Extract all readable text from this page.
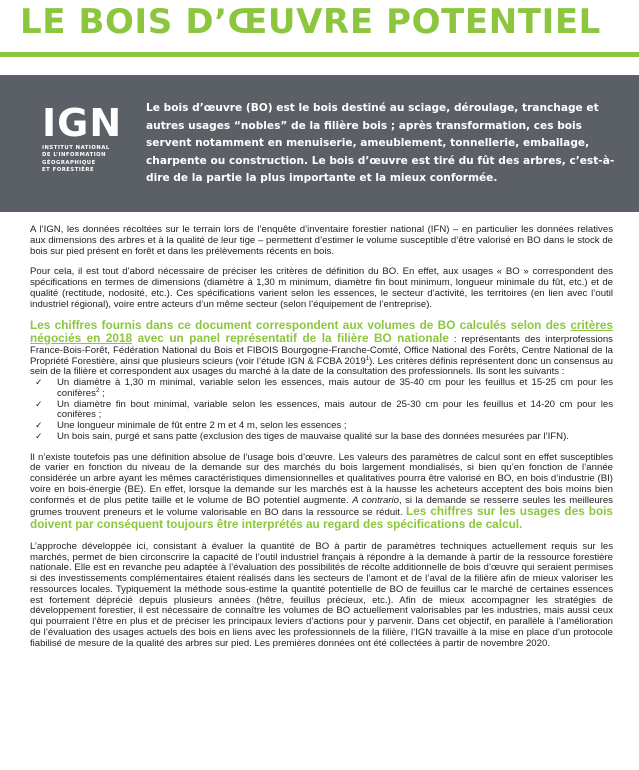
LE BOIS D’ŒUVRE POTENTIEL
IGN
INSTITUT NATIONAL
DE L’INFORMATION
GÉOGRAPHIQUE
ET FORESTIÈRE
Le bois d’œuvre (BO) est le bois destiné au sciage, déroulage, tranchage et autres usages “nobles” de la filière bois ; après transformation, ces bois servent notamment en menuiserie, ameublement, tonnellerie, emballage, charpente ou construction. Le bois d’œuvre est tiré du fût des arbres, c’est-à-dire de la partie la plus importante et la mieux conformée.

A l’IGN, les données récoltées sur le terrain lors de l’enquête d’inventaire forestier national (IFN) – en particulier les données relatives aux dimensions des arbres et à la qualité de leur tige – permettent d’estimer le volume susceptible d’être valorisé en BO dans le stock de bois sur pied présent en forêt et dans les prélèvements récents en bois.

Pour cela, il est tout d’abord nécessaire de préciser les critères de définition du BO. En effet, aux usages « BO » correspondent des spécifications en termes de dimensions (diamètre à 1,30 m minimum, diamètre fin bout minimum, longueur minimale du fût, etc.) et de qualité (rectitude, nodosité, etc.). Ces spécifications varient selon les essences, le secteur d’activité, les territoires (en lien avec l’outil industriel régional), voire entre acteurs d’un même secteur (selon l’équipement de l’entreprise).

Les chiffres fournis dans ce document correspondent aux volumes de BO calculés selon des critères négociés en 2018 avec un panel représentatif de la filière BO nationale : représentants des interprofessions France-Bois-Forêt, Fédération National du Bois et FIBOIS Bourgogne-Franche-Comté, Office National des Forêts, Centre National de la Propriété Forestière, ainsi que plusieurs scieurs (voir l’étude IGN & FCBA 2019$^1$). Les critères définis représentent donc un consensus au sein de la filière et correspondent aux usages du marché à la date de la consultation des professionnels. Ils sont les suivants :

✓ Un diamètre à 1,30 m minimal, variable selon les essences, mais autour de 35-40 cm pour les feuillus et 15-25 cm pour les conifères$^2$ ;
✓ Un diamètre fin bout minimal, variable selon les essences, mais autour de 25-30 cm pour les feuillus et 14-20 cm pour les conifères ;
✓ Une longueur minimale de fût entre 2 m et 4 m, selon les essences ;
✓ Un bois sain, purgé et sans patte (exclusion des tiges de mauvaise qualité sur la base des données mesurées par l’IFN).

Il n’existe toutefois pas une définition absolue de l’usage bois d’œuvre. Les valeurs des paramètres de calcul sont en effet susceptibles de varier en fonction du niveau de la demande sur des marchés du bois largement mondialisés, si bien qu’en fonction de l’année considérée un arbre ayant les mêmes caractéristiques dimensionnelles et qualitatives pourra être valorisé en BO, en bois d’industrie (BI) voire en bois-énergie (BE). En effet, lorsque la demande sur les marchés est à la hausse les acheteurs acceptent des bois moins bien conformés et de plus petite taille et le volume de BO potentiel augmente. A contrario, si la demande se resserre seules les meilleures grumes trouvent preneurs et le volume valorisable en BO dans la ressource se réduit. Les chiffres sur les usages des bois doivent par conséquent toujours être interprétés au regard des spécifications de calcul.

L’approche développée ici, consistant à évaluer la quantité de BO à partir de paramètres techniques actuellement requis sur les marchés, permet de bien circonscrire la capacité de l’outil industriel français à répondre à la demande à partir de la ressource forestière nationale. Elle est en revanche peu adaptée à l’évaluation des possibilités de récolte additionnelle de bois d’œuvre qui seraient permises si des investissements complémentaires étaient réalisés dans les secteurs de l’amont et de l’aval de la filière afin de mieux valoriser les ressources locales. Typiquement la méthode sous-estime la quantité potentielle de BO de feuillus car le marché de certaines essences est fortement déprécié depuis plusieurs années (hêtre, feuillus précieux, etc.). Afin de mieux accompagner les stratégies de développement forestier, il est nécessaire de connaître les volumes de BO actuellement valorisables par les industries, mais aussi ceux qui pourraient l’être en plus et de préciser les principaux leviers d’actions pour y parvenir. Dans cet objectif, en parallèle à l’amélioration de l’évaluation des usages actuels des bois en liens avec les professionnels de la filière, l’IGN travaille à la mise en place d’un protocole fiabilisé de mesure de la qualité des arbres sur pied. Les premières données ont été collectées à partir de novembre 2020.
